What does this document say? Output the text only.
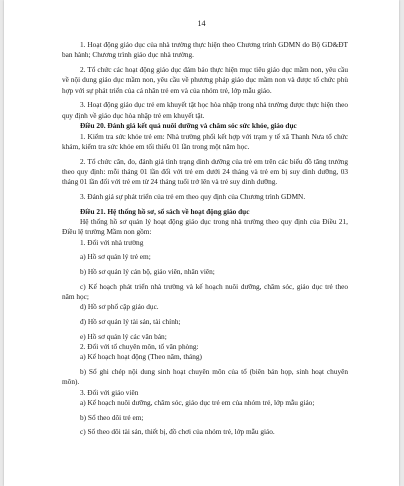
14

1. Hoạt động giáo dục của nhà trường thực hiện theo Chương trình GDMN do Bộ GD&ĐT ban hành; Chương trình giáo dục nhà trường.

2. Tổ chức các hoạt động giáo dục đảm bảo thực hiện mục tiêu giáo dục mầm non, yêu cầu về nội dung giáo dục mầm non, yêu cầu về phương pháp giáo dục mầm non và được tổ chức phù hợp với sự phát triển của cá nhân trẻ em và của nhóm trẻ, lớp mẫu giáo.

3. Hoạt động giáo dục trẻ em khuyết tật học hòa nhập trong nhà trường được thực hiện theo quy định về giáo dục hòa nhập trẻ em khuyết tật.

Điều 20. Đánh giá kết quả nuôi dưỡng và chăm sóc sức khỏe, giáo dục

1. Kiểm tra sức khỏe trẻ em: Nhà trường phối kết hợp với trạm y tế xã Thanh Nưa tổ chức khám, kiểm tra sức khỏe em tối thiểu 01 lần trong một năm học.

2. Tổ chức cân, đo, đánh giá tình trạng dinh dưỡng của trẻ em trên các biểu đồ tăng trưởng theo quy định: mỗi tháng 01 lần đối với trẻ em dưới 24 tháng và trẻ em bị suy dinh dưỡng, 03 tháng 01 lần đối với trẻ em từ 24 tháng tuổi trở lên và trẻ suy dinh dưỡng.

3. Đánh giá sự phát triển của trẻ em theo quy định của Chương trình GDMN.

Điều 21. Hệ thống hồ sơ, sổ sách về hoạt động giáo dục

Hệ thống hồ sơ quản lý hoạt động giáo dục trong nhà trường theo quy định của Điều 21, Điều lệ trường Mầm non gồm:

1. Đối với nhà trường

a) Hồ sơ quản lý trẻ em;

b) Hồ sơ quản lý cán bộ, giáo viên, nhân viên;

c) Kế hoạch phát triển nhà trường và kế hoạch nuôi dưỡng, chăm sóc, giáo dục trẻ theo năm học;

d) Hồ sơ phổ cập giáo dục.

đ) Hồ sơ quản lý tài sản, tài chính;

e) Hồ sơ quản lý các văn bản;

2. Đối với tổ chuyên môn, tổ văn phòng:

a) Kế hoạch hoạt động (Theo năm, tháng)

b) Sổ ghi chép nội dung sinh hoạt chuyên môn của tổ (biên bản họp, sinh hoạt chuyên môn).

3. Đối với giáo viên

a) Kế hoạch nuôi dưỡng, chăm sóc, giáo dục trẻ em của nhóm trẻ, lớp mẫu giáo;

b) Sổ theo dõi trẻ em;

c) Sổ theo dõi tài sản, thiết bị, đồ chơi của nhóm trẻ, lớp mẫu giáo.
